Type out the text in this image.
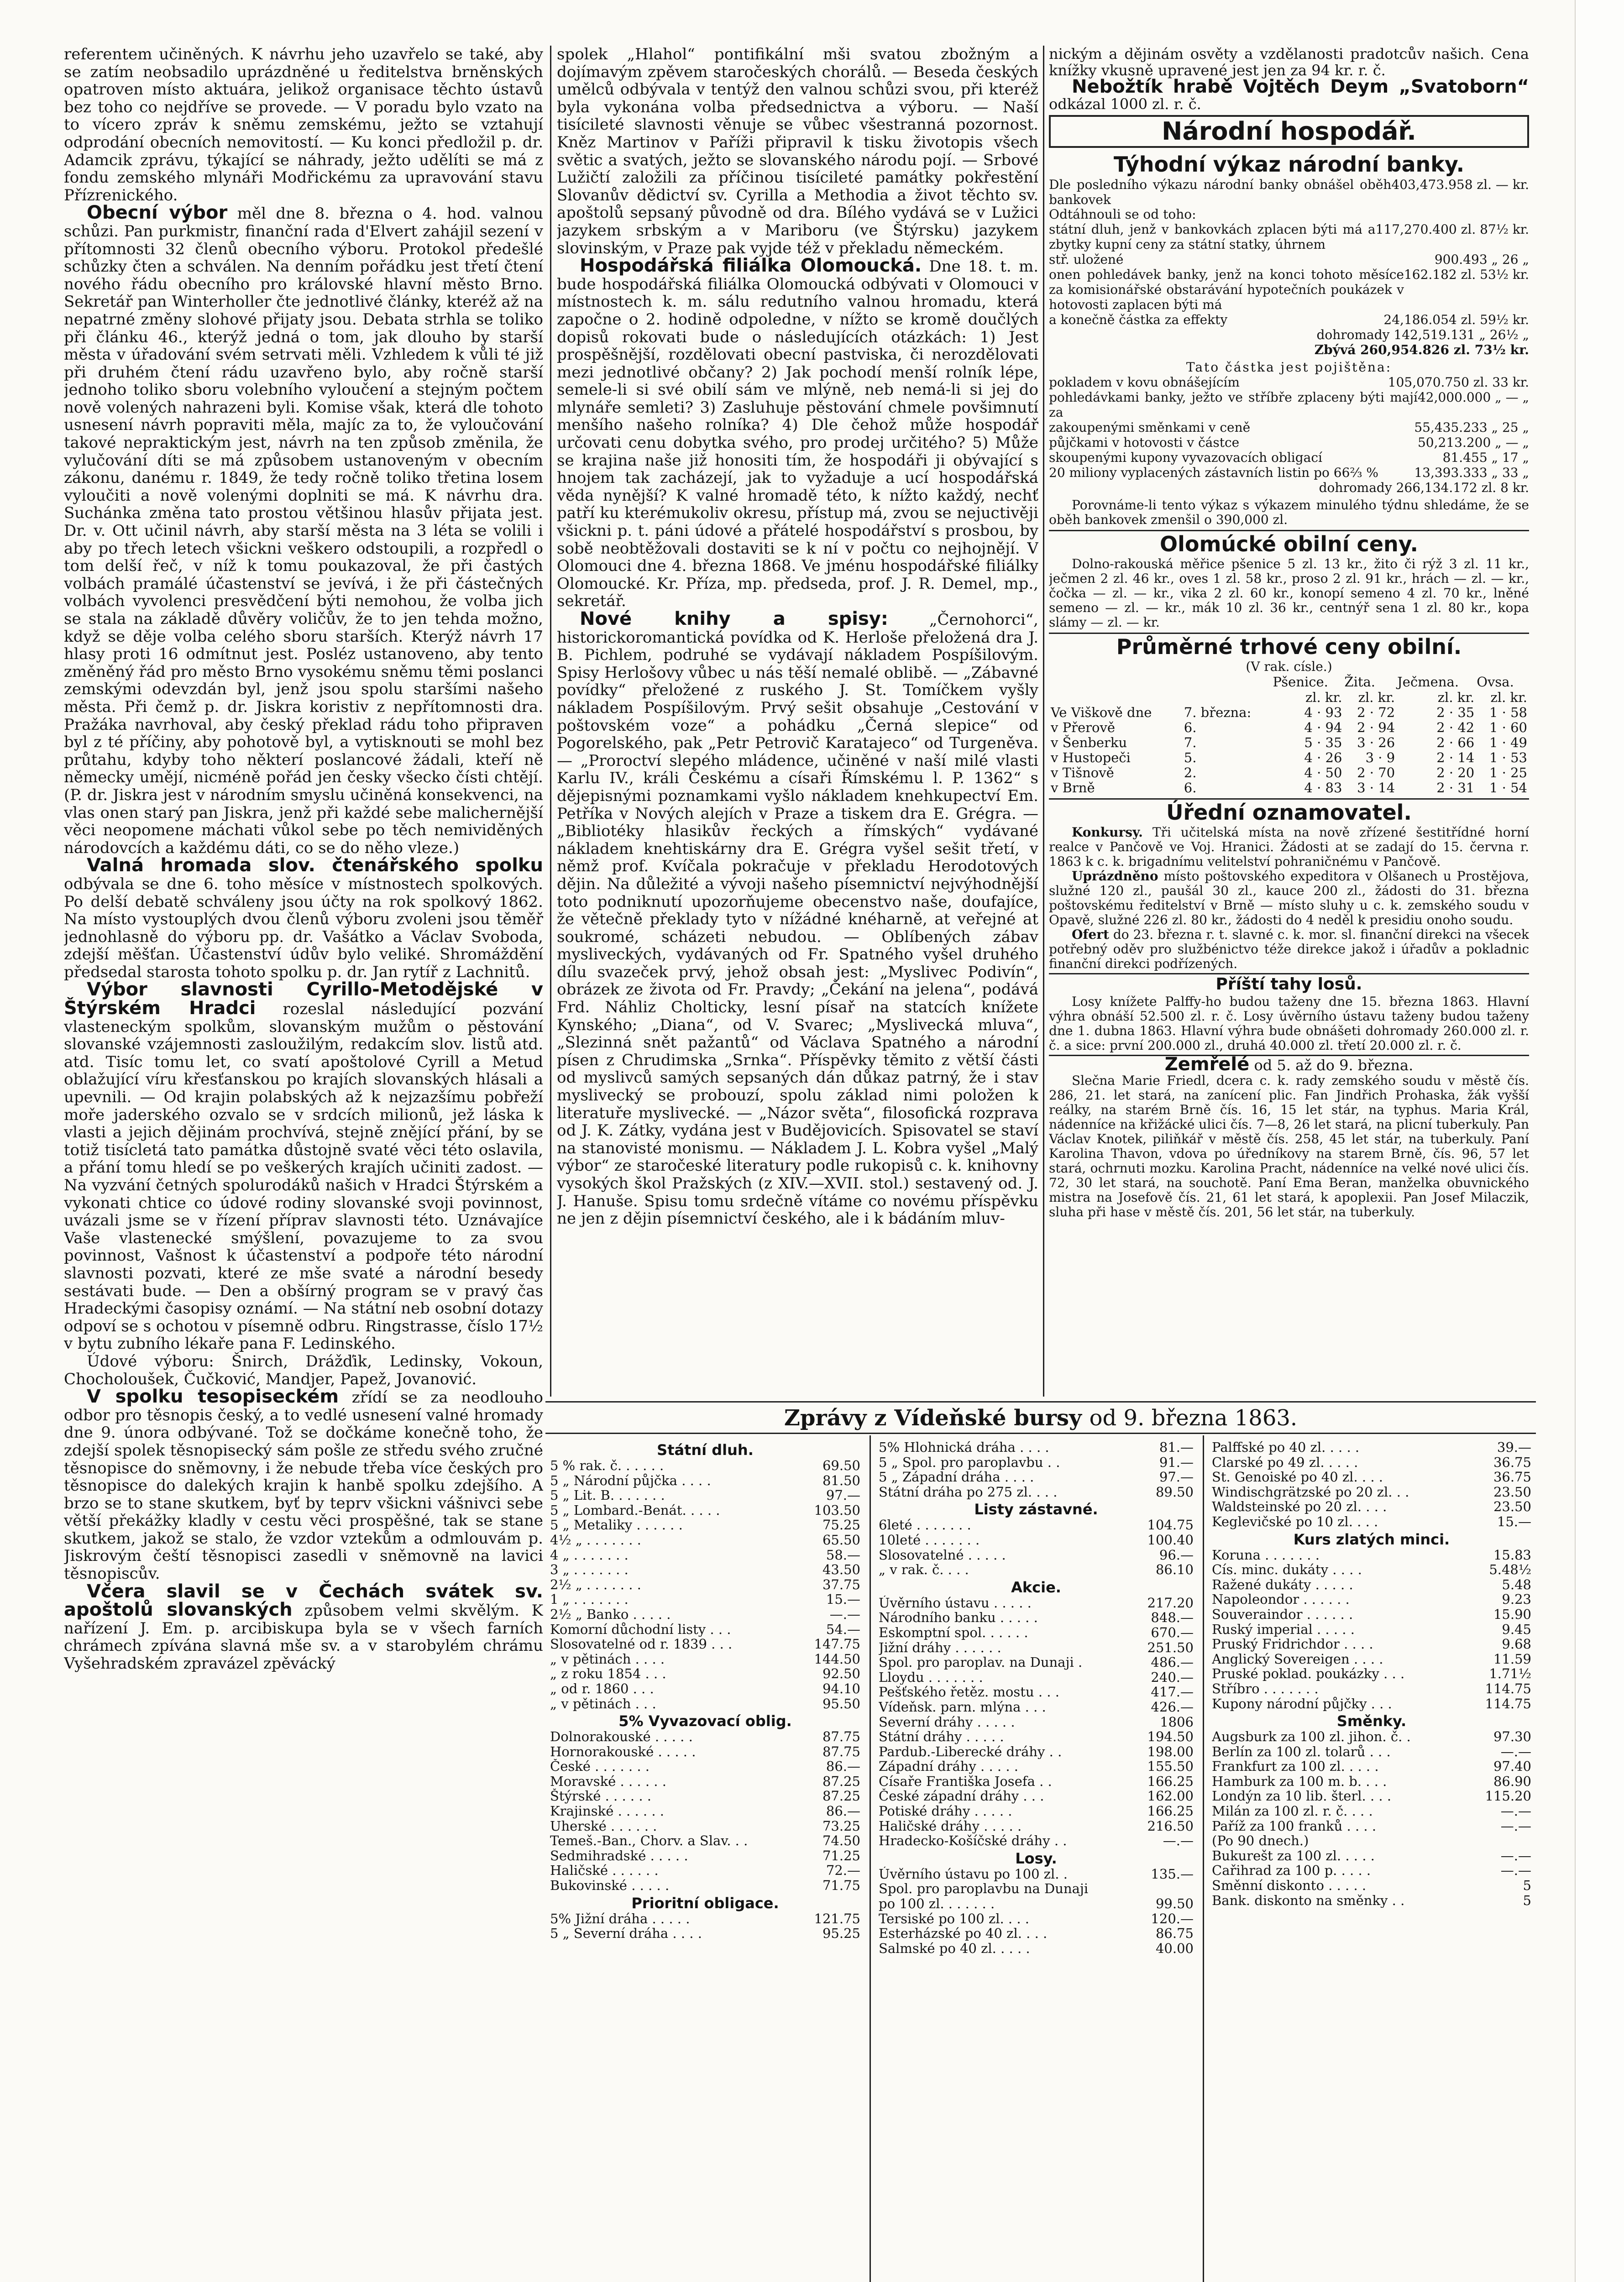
referentem učiněných. K návrhu jeho uzavřelo se také, aby se zatím neobsadilo uprázdněné u ředitelstva brněnských opatroven místo aktuára, jelikož organisace těchto ústavů bez toho co nejdříve se provede. — V poradu bylo vzato na to vícero zpráv k sněmu zemskému, ježto se vztahují odprodání obecních nemovitostí. — Ku konci předložil p. dr. Adamcik zprávu, týkající se náhrady, ježto udělíti se má z fondu zemského mlynáři Modřickému za upravování stavu Přízrenického.

Obecní výbor měl dne 8. března o 4. hod. valnou schůzi. Pan purkmistr, finanční rada d'Elvert zahájil sezení v přítomnosti 32 členů obecního výboru. Protokol předešlé schůzky čten a schválen. Na denním pořádku jest třetí čtení nového řádu obecního pro královské hlavní město Brno. Sekretář pan Winterholler čte jednotlivé články, kteréž až na nepatrné změny slohové přijaty jsou. Debata strhla se toliko při článku 46., kterýž jedná o tom, jak dlouho by starší města v úřadování svém setrvati měli. Vzhledem k vůli té již při druhém čtení rádu uzavřeno bylo, aby ročně starší jednoho toliko sboru volebního vyloučení a stejným počtem nově volených nahrazeni byli. Komise však, která dle tohoto usnesení návrh popraviti měla, majíc za to, že vyloučování takové nepraktickým jest, návrh na ten způsob změnila, že vylučování díti se má způsobem ustanoveným v obecním zákonu, danému r. 1849, že tedy ročně toliko třetina losem vyloučiti a nově volenými doplniti se má. K návrhu dra. Suchánka změna tato prostou většinou hlasův přijata jest. Dr. v. Ott učinil návrh, aby starší města na 3 léta se volili i aby po třech letech všickni veškero odstoupili, a rozpředl o tom delší řeč, v níž k tomu poukazoval, že při častých volbách pramálé účastenství se jevívá, i že při částečných volbách vyvolenci presvědčení býti nemohou, že volba jich se stala na základě důvěry voličův, že to jen tehda možno, když se děje volba celého sboru starších. Kterýž návrh 17 hlasy proti 16 odmítnut jest. Posléz ustanoveno, aby tento změněný řád pro město Brno vysokému sněmu těmi poslanci zemskými odevzdán byl, jenž jsou spolu staršími našeho města. Při čemž p. dr. Jiskra koristiv z nepřítomnosti dra. Pražáka navrhoval, aby český překlad rádu toho připraven byl z té příčiny, aby pohotově byl, a vytisknouti se mohl bez průtahu, kdyby toho některí poslancové žádali, kteří ně německy umějí, nicméně pořád jen česky všecko čísti chtějí. (P. dr. Jiskra jest v národním smyslu učiněná konsekvenci, na vlas onen starý pan Jiskra, jenž při každé sebe malichernější věci neopomene máchati vůkol sebe po těch nemividěných národovcích a každému dáti, co se do něho vleze.)

Valná hromada slov. čtenářského spolku odbývala se dne 6. toho měsíce v místnostech spolkových. Po delší debatě schváleny jsou účty na rok spolkový 1862. Na místo vystouplých dvou členů výboru zvoleni jsou těměř jednohlasně do výboru pp. dr. Vašátko a Václav Svoboda, zdejší měšťan. Účastenství údův bylo veliké. Shromáždění předsedal starosta tohoto spolku p. dr. Jan rytíř z Lachnitů.

Výbor slavnosti Cyrillo-Metodějské v Štýrském Hradci rozeslal následující pozvání vlasteneckým spolkům, slovanským mužům o pěstování slovanské vzájemnosti zasloužilým, redakcím slov. listů atd. atd. Tisíc tomu let, co svatí apoštolové Cyrill a Metud oblažující víru křesťanskou po krajích slovanských hlásali a upevnili. — Od krajin polabských až k nejzazšímu pobřeží moře jaderského ozvalo se v srdcích milionů, jež láska k vlasti a jejich dějinám prochvívá, stejně znějící přání, by se totiž tisícletá tato památka důstojně svaté věci této oslavila, a přání tomu hledí se po veškerých krajích učiniti zadost. — Na vyzvání četných spolurodáků našich v Hradci Štýrském a vykonati chtice co údové rodiny slovanské svoji povinnost, uvázali jsme se v řízení příprav slavnosti této. Uznávajíce Vaše vlastenecké smýšlení, povazujeme to za svou povinnost, Vašnost k účastenství a podpoře této národní slavnosti pozvati, které ze mše svaté a národní besedy sestávati bude. — Den a obšírný program se v pravý čas Hradeckými časopisy oznámí. — Na státní neb osobní dotazy odpoví se s ochotou v písemně odbru. Ringstrasse, číslo 17½ v bytu zubního lékaře pana F. Ledinského.

Údové výboru: Šnirch, Drážďik, Ledinsky, Vokoun, Chocholoušek, Čučković, Mandjer, Papež, Jovanović.

V spolku tesopiseckém zřídí se za neodlouho odbor pro těsnopis český, a to vedlé usnesení valné hromady dne 9. února odbývané. Tož se dočkáme konečně toho, že zdejší spolek těsnopisecký sám pošle ze středu svého zručné těsnopisce do sněmovny, i že nebude třeba více českých pro těsnopisce do dalekých krajin k hanbě spolku zdejšího. A brzo se to stane skutkem, byť by teprv všickni vášnivci sebe větší překážky kladly v cestu věci prospěšné, tak se stane skutkem, jakož se stalo, že vzdor vztekům a odmlouvám p. Jiskrovým čeští těsnopisci zasedli v sněmovně na lavici těsnopiscův.

Včera slavil se v Čechách svátek sv. apoštolů slovanských způsobem velmi skvělým. K nařízení J. Em. p. arcibiskupa byla se v všech farních chrámech zpívána slavná mše sv. a v starobylém chrámu Vyšehradském zpravázel zpěvácký

spolek „Hlahol“ pontifikální mši svatou zbožným a dojímavým zpěvem staročeských chorálů. — Beseda českých umělců odbývala v tentýž den valnou schůzi svou, při kteréž byla vykonána volba předsednictva a výboru. — Naší tisícileté slavnosti věnuje se vůbec všestranná pozornost. Kněz Martinov v Paříži připravil k tisku životopis všech světic a svatých, ježto se slovanského národu pojí. — Srbové Lužičtí založili za příčinou tisícileté památky pokřestění Slovanův dědictví sv. Cyrilla a Methodia a život těchto sv. apoštolů sepsaný původně od dra. Bílého vydává se v Lužici jazykem srbským a v Mariboru (ve Štýrsku) jazykem slovinským, v Praze pak vyjde též v překladu německém.

Hospodářská filiálka Olomoucká. Dne 18. t. m. bude hospodářská filiálka Olomoucká odbývati v Olomouci v místnostech k. m. sálu redutního valnou hromadu, která započne o 2. hodině odpoledne, v nížto se kromě doučlých dopisů rokovati bude o následujících otázkách: 1) Jest prospěšnější, rozdělovati obecní pastviska, či nerozdělovati mezi jednotlivé občany? 2) Jak pochodí menší rolník lépe, semele-li si své obilí sám ve mlýně, neb nemá-li si jej do mlynáře semleti? 3) Zasluhuje pěstování chmele povšimnutí menšího našeho rolníka? 4) Dle čehož může hospodář určovati cenu dobytka svého, pro prodej určitého? 5) Může se krajina naše již honositi tím, že hospodáři ji obývající s hnojem tak zacházejí, jak to vyžaduje a ucí hospodářská věda nynější? K valné hromadě této, k nížto každý, nechť patří ku kterémukoliv okresu, přístup má, zvou se nejuctivěji všickni p. t. páni údové a přátelé hospodářství s prosbou, by sobě neobtěžovali dostaviti se k ní v počtu co nejhojnějí. V Olomouci dne 4. března 1868. Ve jménu hospodářské filiálky Olomoucké. Kr. Příza, mp. předseda, prof. J. R. Demel, mp., sekretář.

Nové knihy a spisy:	„Černohorci“, historickoromantická povídka od K. Herloše přeložená dra J. B. Pichlem, podruhé se vydávají nákladem Pospíšilovým. Spisy Herlošovy vůbec u nás těší nemalé oblibě. — „Zábavné povídky“ přeložené z ruského J. St. Tomíčkem vyšly nákladem Pospíšilovým. Prvý sešit obsahuje „Cestování v poštovském voze“ a pohádku „Černá slepice“ od Pogorelského, pak „Petr Petrovič Karatajeco“ od Turgeněva. — „Proroctví slepého mládence, učiněné v naší milé vlasti Karlu IV., králi Českému a císaři Římskému l. P. 1362“ s dějepisnými poznamkami vyšlo nákladem knehkupectví Em. Petříka v Nových alejích v Praze a tiskem dra E. Grégra. — „Bibliotéky hlasikův řeckých a římských“ vydávané nákladem knehtiskárny dra E. Grégra vyšel sešit třetí, v němž prof. Kvíčala pokračuje v překladu Herodotových dějin. Na důležité a vývoji našeho písemnictví nejvýhodnější toto podniknutí upozorňujeme obecenstvo naše, doufajíce, že větečně překlady tyto v nížádné knéharně, at veřejné at soukromé, scházeti nebudou. — Oblíbených zábav mysliveckých, vydávaných od Fr. Spatného vyšel druhého dílu svazeček prvý, jehož obsah jest: „Myslivec Podivín“, obrázek ze života od Fr. Pravdy; „Čekání na jelena“, podává Frd. Náhliz Cholticky, lesní písař na statcích knížete Kynského; „Diana“, od V. Svarec; „Myslivecká mluva“, „Slezinná snět pažantů“ od Václava Spatného a národní písen z Chrudimska „Srnka“. Příspěvky těmito z větší části od myslivců samých sepsaných dán důkaz patrný, že i stav myslivecký se probouzí, spolu základ nimi položen k literatuře myslivecké. — „Názor světa“, filosofická rozprava od J. K. Zátky, vydána jest v Budějovicích. Spisovatel se staví na stanovisté monismu. — Nákladem J. L. Kobra vyšel „Malý výbor“ ze staročeské literatury podle rukopisů c. k. knihovny vysokých škol Pražských (z XIV.—XVII. stol.) sestavený od. J. J. Hanuše. Spisu tomu srdečně vítáme co novému příspěvku ne jen z dějin písemnictví českého, ale i k bádáním mluv-

nickým a dějinám osvěty a vzdělanosti pradotcův našich. Cena knížky vkusně upravené jest jen za 94 kr. r. č.

Nebožtík hrabě Vojtěch Deym „Svatoborn“ odkázal 1000 zl. r. č.

Národní hospodář.
Týhodní výkaz národní banky.
Dle posledního výkazu národní banky obnášel oběh bankovek
403,473.958 zl. — kr.
Odtáhnouli se od toho:
státní dluh, jenž v bankovkách zplacen býti má a zbytky kupní ceny za státní statky, úhrnem
117,270.400 zl. 87½ kr.
stř. uložené	900.493 „ 26 „
onen pohledávek banky, jenž na konci tohoto měsíce za komisionářské obstarávání hypotečních poukázek v hotovosti zaplacen býti má
162.182 zl. 53½ kr.
a konečně částka za effekty	24,186.054 zl. 59½ kr.
dohromady 142,519.131 „ 26½ „
Zbývá 260,954.826 zl. 73½ kr.
Tato částka jest pojištěna:
pokladem v kovu obnášejícím	105,070.750 zl. 33 kr.
pohledávkami banky, ježto ve stříbře zplaceny býti mají za
42,000.000 „ — „
zakoupenými směnkami v ceně	55,435.233 „ 25 „
půjčkami v hotovosti v částce	50,213.200 „ — „
skoupenými kupony vyvazovacích obligací	81.455 „ 17 „
20 miliony vyplacených zástavních listin po 66⅔ %	13,393.333 „ 33 „
dohromady 266,134.172 zl. 8 kr.

Porovnáme-li tento výkaz s výkazem minulého týdnu shledáme, že se oběh bankovek zmenšil o 390,000 zl.

Olomúcké obilní ceny.

Dolno-rakouská měřice pšenice 5 zl. 13 kr., žito či rýž 3 zl. 11 kr., ječmen 2 zl. 46 kr., oves 1 zl. 58 kr., proso 2 zl. 91 kr., hrách — zl. — kr., čočka — zl. — kr., vika 2 zl. 60 kr., konopí semeno 4 zl. 70 kr., lněné semeno — zl. — kr., mák 10 zl. 36 kr., centnýř sena 1 zl. 80 kr., kopa slámy — zl. — kr.

Průměrné trhové ceny obilní.
(V rak. císle.)
		Pšenice.	Žita.	Ječmena.	Ovsa.
		zl. kr.	zl. kr.	zl. kr.	zl. kr.
Ve Viškově dne	7. března:	4 · 93	2 · 72	2 · 35	1 · 58
v Přerově	6.	4 · 94	2 · 94	2 · 42	1 · 60
v Šenberku	7.	5 · 35	3 · 26	2 · 66	1 · 49
v Hustopeči	5.	4 · 26	3 · 9	2 · 14	1 · 53
v Tišnově	2.	4 · 50	2 · 70	2 · 20	1 · 25
v Brně	6.	4 · 83	3 · 14	2 · 31	1 · 54
Úřední oznamovatel.

Konkursy. Tři učitelská místa na nově zřízené šestitřídné horní realce v Pančově ve Voj. Hranici. Žádosti at se zadají do 15. června r. 1863 k c. k. brigadnímu velitelství pohraničnému v Pančově.

Uprázdněno místo poštovského expeditora v Olšanech u Prostějova, služné 120 zl., paušál 30 zl., kauce 200 zl., žádosti do 31. března poštovskému ředitelství v Brně — místo sluhy u c. k. zemského soudu v Opavě, služné 226 zl. 80 kr., žádosti do 4 neděl k presidiu onoho soudu.

Ofert do 23. března r. t. slavné c. k. mor. sl. finanční direkci na všecek potřebný oděv pro službénictvo téže direkce jakož i úřadův a pokladnic finanční direkci podřízených.

Příští tahy losů.

Losy knížete Palffy-ho budou taženy dne 15. března 1863. Hlavní výhra obnáší 52.500 zl. r. č. Losy úvěrního ústavu taženy budou taženy dne 1. dubna 1863. Hlavní výhra bude obnášeti dohromady 260.000 zl. r. č. a sice: první 200.000 zl., druhá 40.000 zl. třetí 20.000 zl. r. č.

Zemřelé od 5. až do 9. března.

Slečna Marie Friedl, dcera c. k. rady zemského soudu v městě čís. 286, 21. let stará, na zanícení plic. Fan Jindřich Prohaska, žák vyšší reálky, na starém Brně čís. 16, 15 let stár, na typhus. Maria Král, nádenníce na křižácké ulici čís. 7—8, 26 let stará, na plicní tuberkuly. Pan Václav Knotek, piliňkář v městě čís. 258, 45 let stár, na tuberkuly. Paní Karolina Thavon, vdova po úředníkovy na starem Brně, čís. 96, 57 let stará, ochrnuti mozku. Karolina Pracht, nádenníce na velké nové ulici čís. 72, 30 let stará, na souchotě. Paní Ema Beran, manželka obuvnického mistra na Josefově čís. 21, 61 let stará, k apoplexii. Pan Josef Milaczik, sluha při hase v městě čís. 201, 56 let stár, na tuberkuly.

Zprávy z Vídeňské bursy od 9. března 1863.
Státní dluh.
5 % rak. č. . . . . .	69.50
5 „ Národní půjčka . . . .	81.50
5 „ Lit. B. . . . . . .	97.—
5 „ Lombard.-Benát. . . . .	103.50
5 „ Metaliky . . . . . .	75.25
4½ „ . . . . . . .	65.50
4 „ . . . . . . .	58.—
3 „ . . . . . . .	43.50
2½ „ . . . . . . .	37.75
1 „ . . . . . . .	15.—
2½ „ Banko . . . . .	—.—
Komorní důchodní listy . . .	54.—
Slosovatelné od r. 1839 . . .	147.75
„ v pětinách . . . .	144.50
„ z roku 1854 . . .	92.50
„ od r. 1860 . . .	94.10
„ v pětinách . . .	95.50
5% Vyvazovací oblig.
Dolnorakouské . . . . .	87.75
Hornorakouské . . . . .	87.75
České . . . . . . .	86.—
Moravské . . . . . .	87.25
Štýrské . . . . . .	87.25
Krajinské . . . . . .	86.—
Uherské . . . . . .	73.25
Temeš.-Ban., Chorv. a Slav. . .	74.50
Sedmihradské . . . . .	71.25
Haličské . . . . . .	72.—
Bukovinské . . . . .	71.75
Prioritní obligace.
5% Jižní dráha . . . . .	121.75
5 „ Severní dráha . . . .	95.25
5% Hlohnická dráha . . . .	81.—
5 „ Spol. pro paroplavbu . .	91.—
5 „ Západní dráha . . . .	97.—
Státní dráha po 275 zl. . . .	89.50
Listy zástavné.
6leté . . . . . . .	104.75
10leté . . . . . . .	100.40
Slosovatelné . . . . .	96.—
„ v rak. č. . . .	86.10
Akcie.
Úvěrního ústavu . . . . .	217.20
Národního banku . . . . .	848.—
Eskomptní spol. . . . . .	670.—
Jižní dráhy . . . . . .	251.50
Spol. pro paroplav. na Dunaji .	486.—
Lloydu . . . . . . .	240.—
Pešťského řetěz. mostu . . .	417.—
Vídeňsk. parn. mlýna . . .	426.—
Severní dráhy . . . . .	1806
Státní dráhy . . . . .	194.50
Pardub.-Liberecké dráhy . .	198.00
Západní dráhy . . . . .	155.50
Císaře Františka Josefa . .	166.25
České západní dráhy . . .	162.00
Potiské dráhy . . . . .	166.25
Haličské dráhy . . . . .	216.50
Hradecko-Košíčské dráhy . .	—.—
Losy.
Úvěrního ústavu po 100 zl. .	135.—
Spol. pro paroplavbu na Dunaji
po 100 zl. . . . . . .	99.50
Tersiské po 100 zl. . . .	120.—
Esterházské po 40 zl. . . .	86.75
Salmské po 40 zl. . . . .	40.00
Palffské po 40 zl. . . . .	39.—
Clarské po 49 zl. . . . .	36.75
St. Genoiské po 40 zl. . . .	36.75
Windischgrätzské po 20 zl. . .	23.50
Waldsteinské po 20 zl. . . .	23.50
Keglevičské po 10 zl. . . .	15.—
Kurs zlatých minci.
Koruna . . . . . . .	15.83
Cís. minc. dukáty . . . .	5.48½
Ražené dukáty . . . . .	5.48
Napoleondor . . . . . .	9.23
Souveraindor . . . . . .	15.90
Ruský imperial . . . . .	9.45
Pruský Fridrichdor . . . .	9.68
Anglický Sovereigen . . . .	11.59
Pruské poklad. poukázky . . .	1.71½
Stříbro . . . . . . .	114.75
Kupony národní půjčky . . .	114.75
Směnky.
Augsburk za 100 zl. jihon. č. .	97.30
Berlín za 100 zl. tolarů . . .	—.—
Frankfurt za 100 zl. . . . .	97.40
Hamburk za 100 m. b. . . .	86.90
Londýn za 10 lib. šterl. . . .	115.20
Milán za 100 zl. r. č. . . .	—.—
Paříž za 100 franků . . . .	—.—
(Po 90 dnech.)
Bukurešt za 100 zl. . . . .	—.—
Cařihrad za 100 p. . . . .	—.—
Směnní diskonto . . . . .	5
Bank. diskonto na směnky . .	5
